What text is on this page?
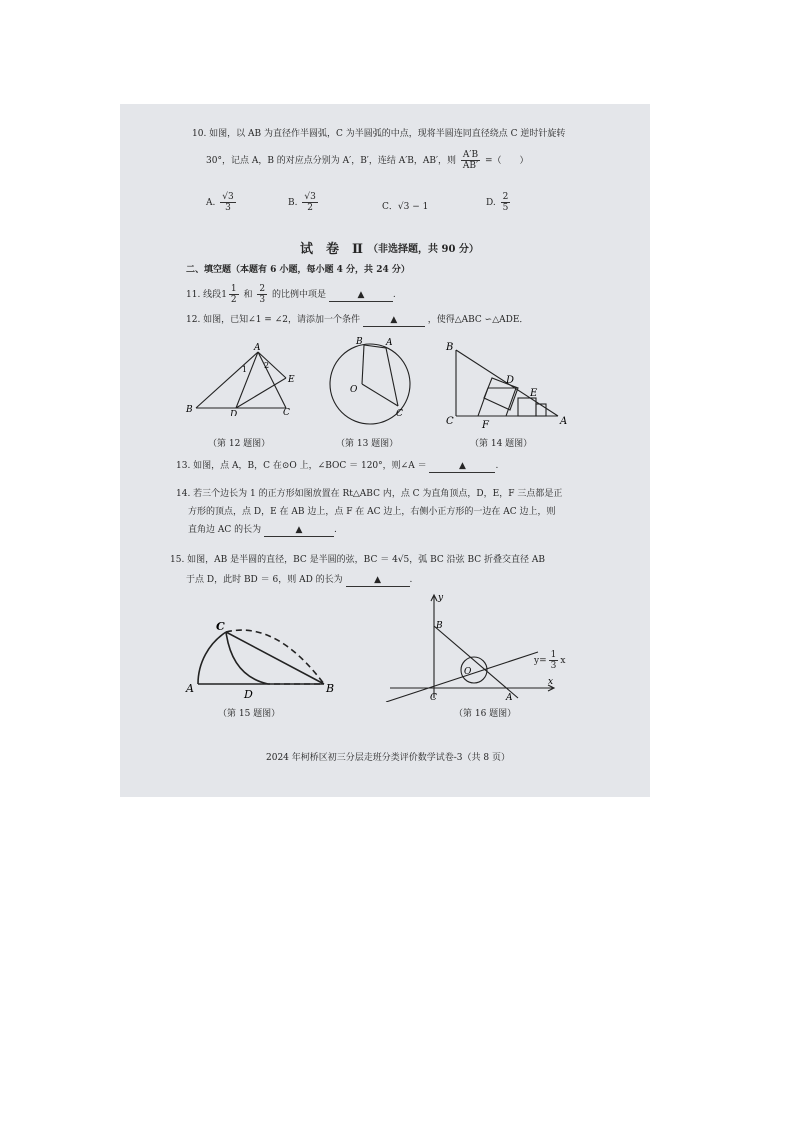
10. 如图，以 AB 为直径作半圆弧，C 为半圆弧的中点，现将半圆连同直径绕点 C 逆时针旋转
30°，记点 A，B 的对应点分别为 A′，B′，连结 A′B，AB′，则 $\frac{A'B}{AB'}$ =（　　）
A. $\frac{√3}{3}$	B. $\frac{√3}{2}$	C．√3 − 1	D. $\frac{2}{5}$
试　卷　Ⅱ （非选择题，共 90 分）
二、填空题（本题有 6 小题，每小题 4 分，共 24 分）
11. 线段$1 \frac{1}{2}$ 和 $\frac{2}{3}$ 的比例中项是	▲	.
12. 如图，已知∠1 = ∠2，请添加一个条件	▲	，使得△ABC ∽△ADE．
A
B	C
D
E
1 2
（第 12 题图）
B	A
C
O
（第 13 题图）
B
C	A
D
E
F
（第 14 题图）
13. 如图，点 A，B，C 在⊙O 上，∠BOC ＝ 120°，则∠A ＝	▲	.
14. 若三个边长为 1 的正方形如图放置在 Rt△ABC 内，点 C 为直角顶点，D，E，F 三点都是正
方形的顶点，点 D，E 在 AB 边上，点 F 在 AC 边上，右侧小正方形的一边在 AC 边上，则
直角边 AC 的长为	▲	.
15. 如图，AB 是半圆的直径，BC 是半圆的弦，BC ＝ 4√5，弧 BC 沿弦 BC 折叠交直径 AB
于点 D，此时 BD ＝ 6，则 AD 的长为	▲	.
C
A	B
D
（第 15 题图）
y
x
B
C	A
O
$y= \frac{1}{3}$ x
（第 16 题图）
2024 年柯桥区初三分层走班分类评价数学试卷-3（共 8 页）
